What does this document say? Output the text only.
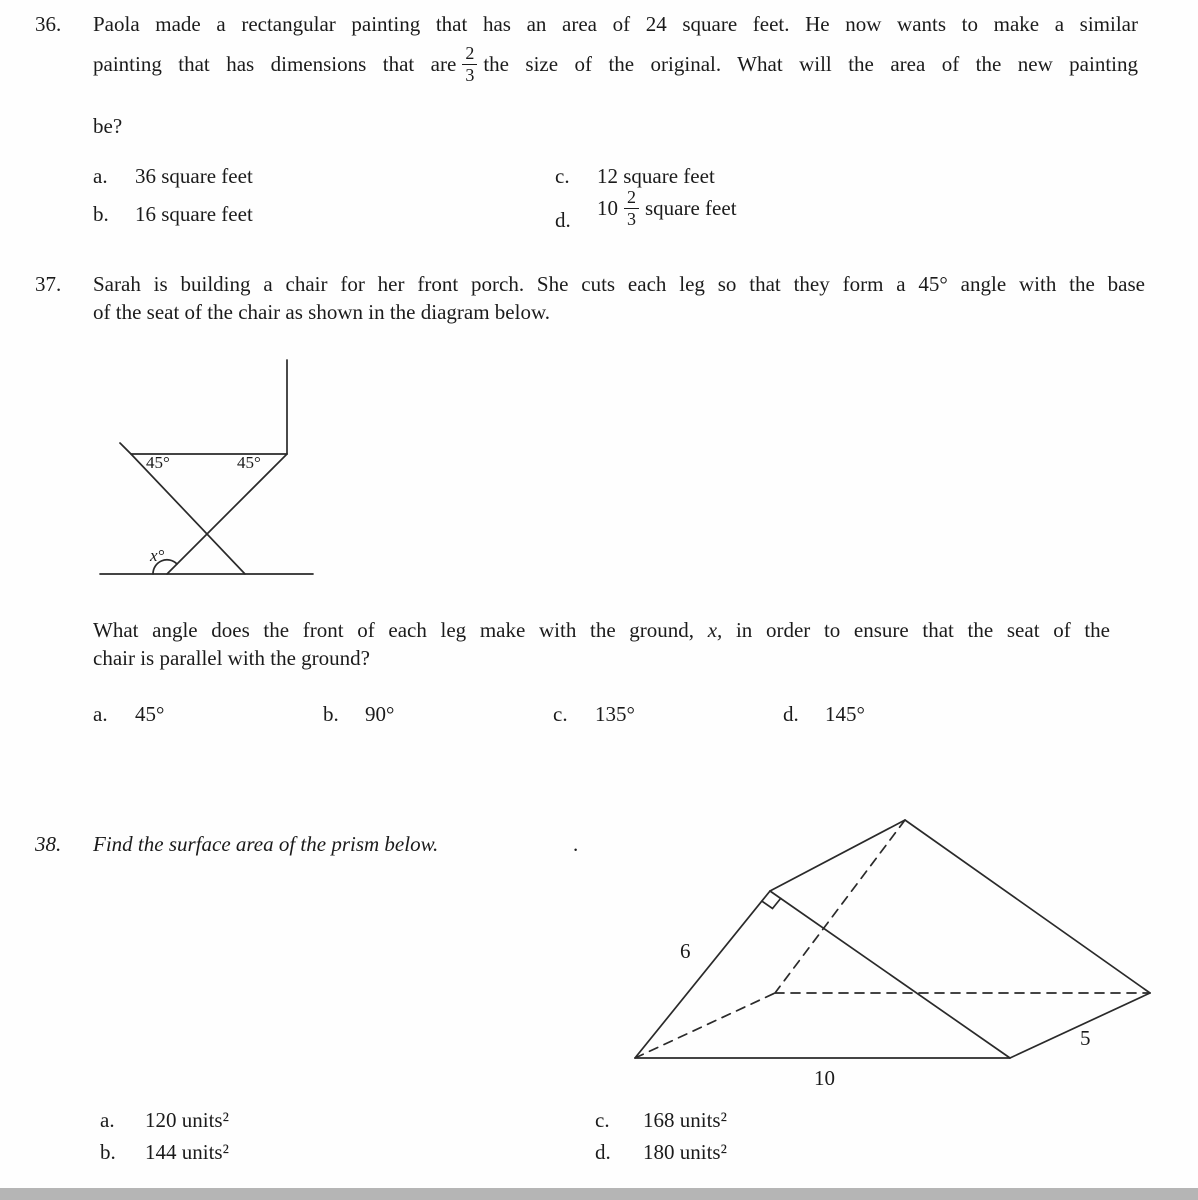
36. Paola made a rectangular painting that has an area of 24 square feet. He now wants to make a similar
painting that has dimensions that are $\frac{2}{3}$ the size of the original. What will the area of the new painting
be?
a. 36 square feet	c. 12 square feet
b. 16 square feet	d. $10 \frac{2}{3}$ square feet
37. Sarah is building a chair for her front porch. She cuts each leg so that they form a 45° angle with the base
of the seat of the chair as shown in the diagram below.
45°	45°
x°
What angle does the front of each leg make with the ground, x, in order to ensure that the seat of the
chair is parallel with the ground?
a. 45°	b. 90°	c. 135°	d. 145°
38. Find the surface area of the prism below.	.
a. 120 units²
b. 144 units²
c. 168 units²
d. 180 units²
6
10
5
